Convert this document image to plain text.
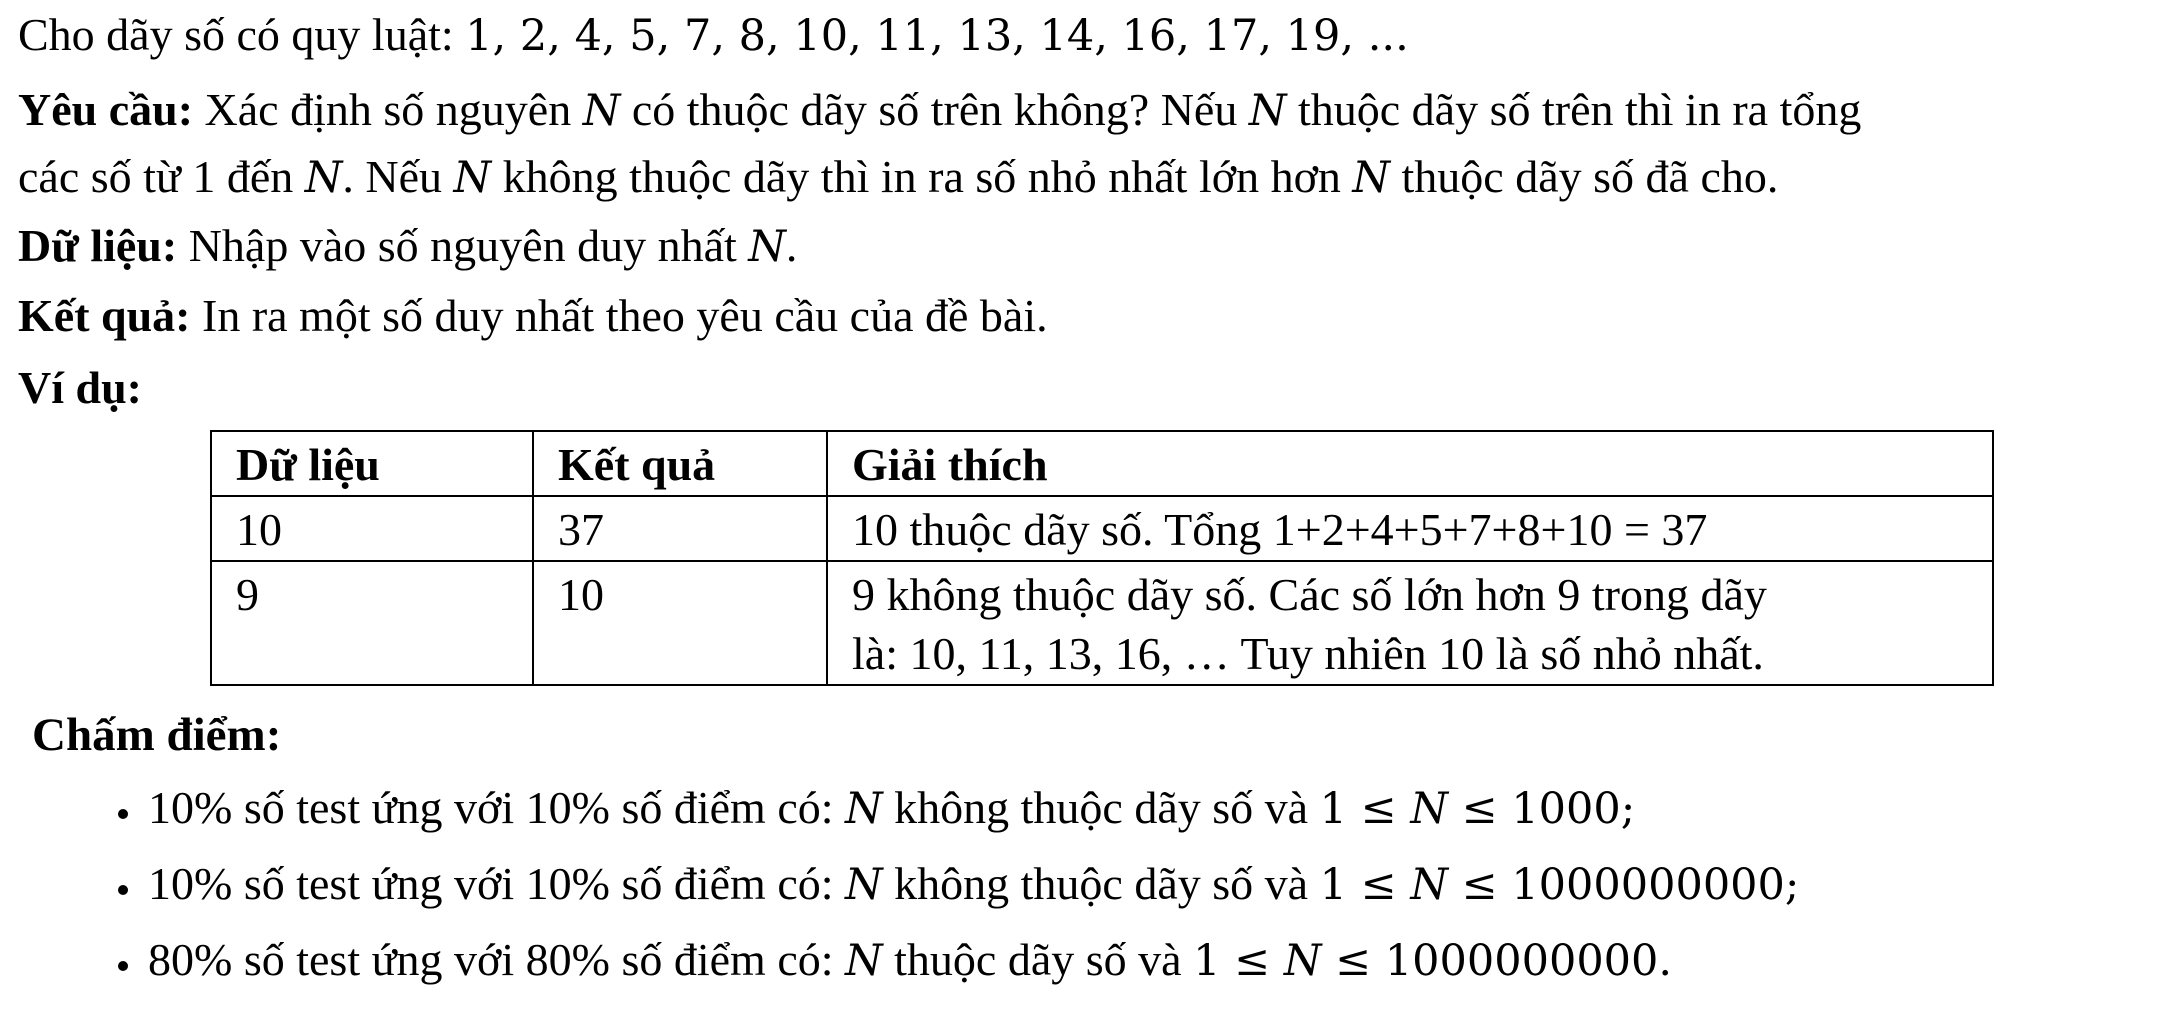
Cho dãy số có quy luật: 1, 2, 4, 5, 7, 8, 10, 11, 13, 14, 16, 17, 19, ...
Yêu cầu: Xác định số nguyên N có thuộc dãy số trên không? Nếu N thuộc dãy số trên thì in ra tổng
các số từ 1 đến N. Nếu N không thuộc dãy thì in ra số nhỏ nhất lớn hơn N thuộc dãy số đã cho.
Dữ liệu: Nhập vào số nguyên duy nhất N.
Kết quả: In ra một số duy nhất theo yêu cầu của đề bài.
Ví dụ:
Dữ liệu	Kết quả	Giải thích
10	37	10 thuộc dãy số. Tổng 1+2+4+5+7+8+10 = 37

9	10	9 không thuộc dãy số. Các số lớn hơn 9 trong dãy
là: 10, 11, 13, 16, … Tuy nhiên 10 là số nhỏ nhất.
Chấm điểm:
10% số test ứng với 10% số điểm có: N không thuộc dãy số và 1 ≤ N ≤ 1000;
10% số test ứng với 10% số điểm có: N không thuộc dãy số và 1 ≤ N ≤ 1000000000;
80% số test ứng với 80% số điểm có: N thuộc dãy số và 1 ≤ N ≤ 1000000000.
